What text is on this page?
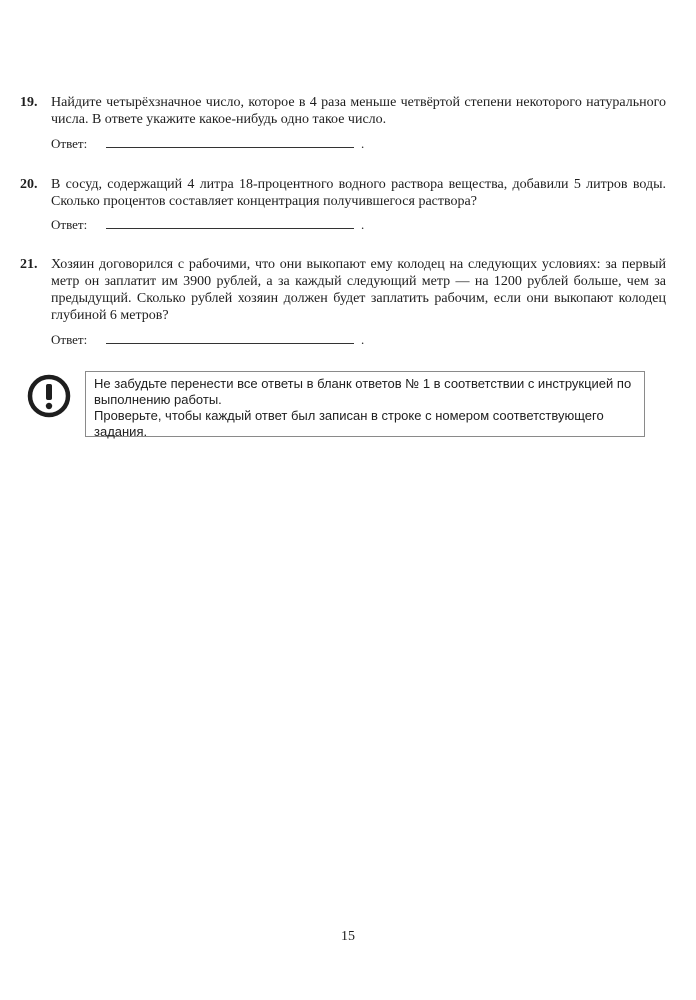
19. Найдите четырёхзначное число, которое в 4 раза меньше четвёртой степени некоторого натурального числа. В ответе укажите какое-нибудь одно такое число.
Ответ:	.
20. В сосуд, содержащий 4 литра 18-процентного водного раствора вещества, добавили 5 литров воды. Сколько процентов составляет концентрация получившегося раствора?
Ответ:	.
21. Хозяин договорился с рабочими, что они выкопают ему колодец на следующих условиях: за первый метр он заплатит им 3900 рублей, а за каждый следующий метр — на 1200 рублей больше, чем за предыдущий. Сколько рублей хозяин должен будет заплатить рабочим, если они выкопают колодец глубиной 6 метров?
Ответ:	.
Не забудьте перенести все ответы в бланк ответов № 1 в соответствии с инструкцией по выполнению работы.
Проверьте, чтобы каждый ответ был записан в строке с номером соответствующего задания.
15
